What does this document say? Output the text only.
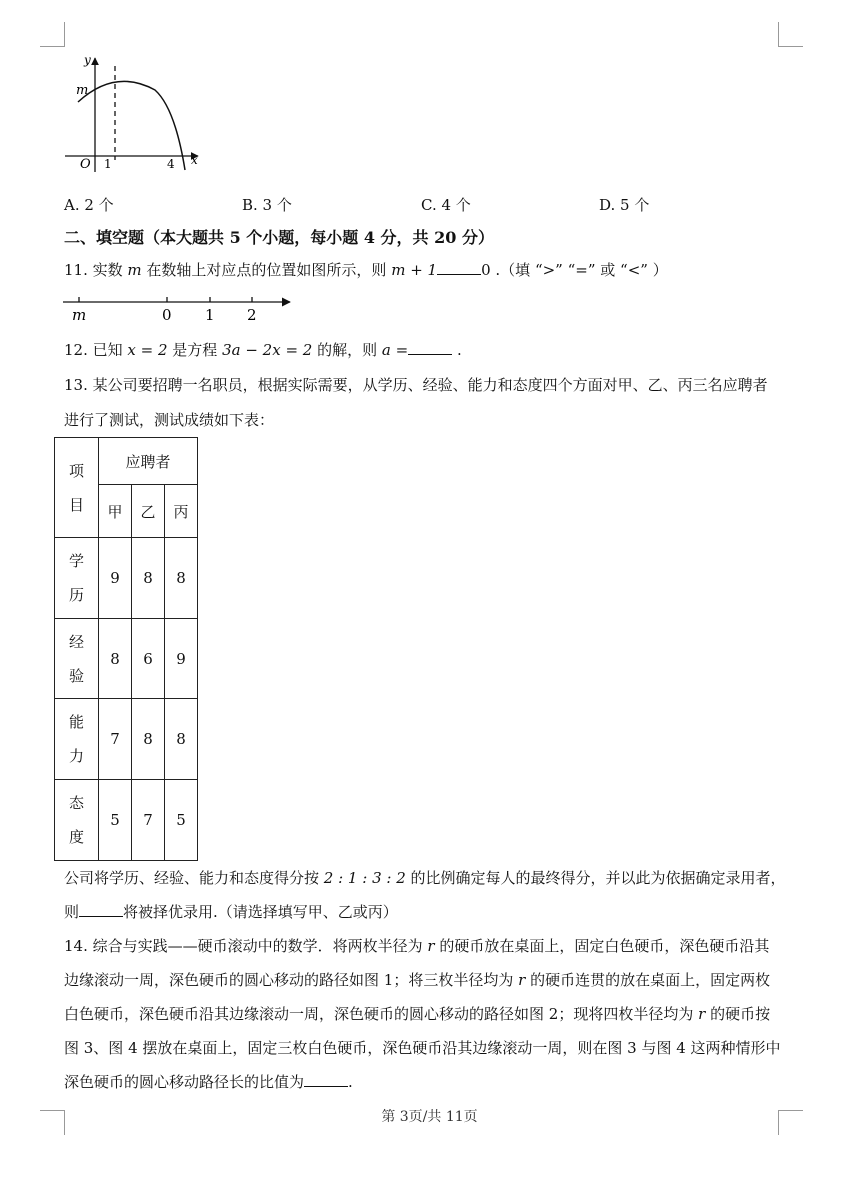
y
x
m
O 1	4
A. 2 个	B. 3 个	C. 4 个	D. 5 个
二、填空题（本大题共 5 个小题，每小题 4 分，共 20 分）
11. 实数 m 在数轴上对应点的位置如图所示，则 m + 1	0 .（填 “>” “=” 或 “<” ）
m	0 1 2
12. 已知 x = 2 是方程 3a − 2x = 2 的解，则 a =	.
13. 某公司要招聘一名职员，根据实际需要，从学历、经验、能力和态度四个方面对甲、乙、丙三名应聘者
进行了测试，测试成绩如下表：
项
目	应聘者		
	甲	乙	丙

学
历	9	8	8

经
验	8	6	9

能
力	7	8	8

态
度	5	7	5
公司将学历、经验、能力和态度得分按 2 : 1 : 3 : 2 的比例确定每人的最终得分，并以此为依据确定录用者，
则	将被择优录用.（请选择填写甲、乙或丙）
14. 综合与实践——硬币滚动中的数学．将两枚半径为 r 的硬币放在桌面上，固定白色硬币，深色硬币沿其
边缘滚动一周，深色硬币的圆心移动的路径如图 1；将三枚半径均为 r 的硬币连贯的放在桌面上，固定两枚
白色硬币，深色硬币沿其边缘滚动一周，深色硬币的圆心移动的路径如图 2；现将四枚半径均为 r 的硬币按
图 3、图 4 摆放在桌面上，固定三枚白色硬币，深色硬币沿其边缘滚动一周，则在图 3 与图 4 这两种情形中
深色硬币的圆心移动路径长的比值为	.
第 3页/共 11页
